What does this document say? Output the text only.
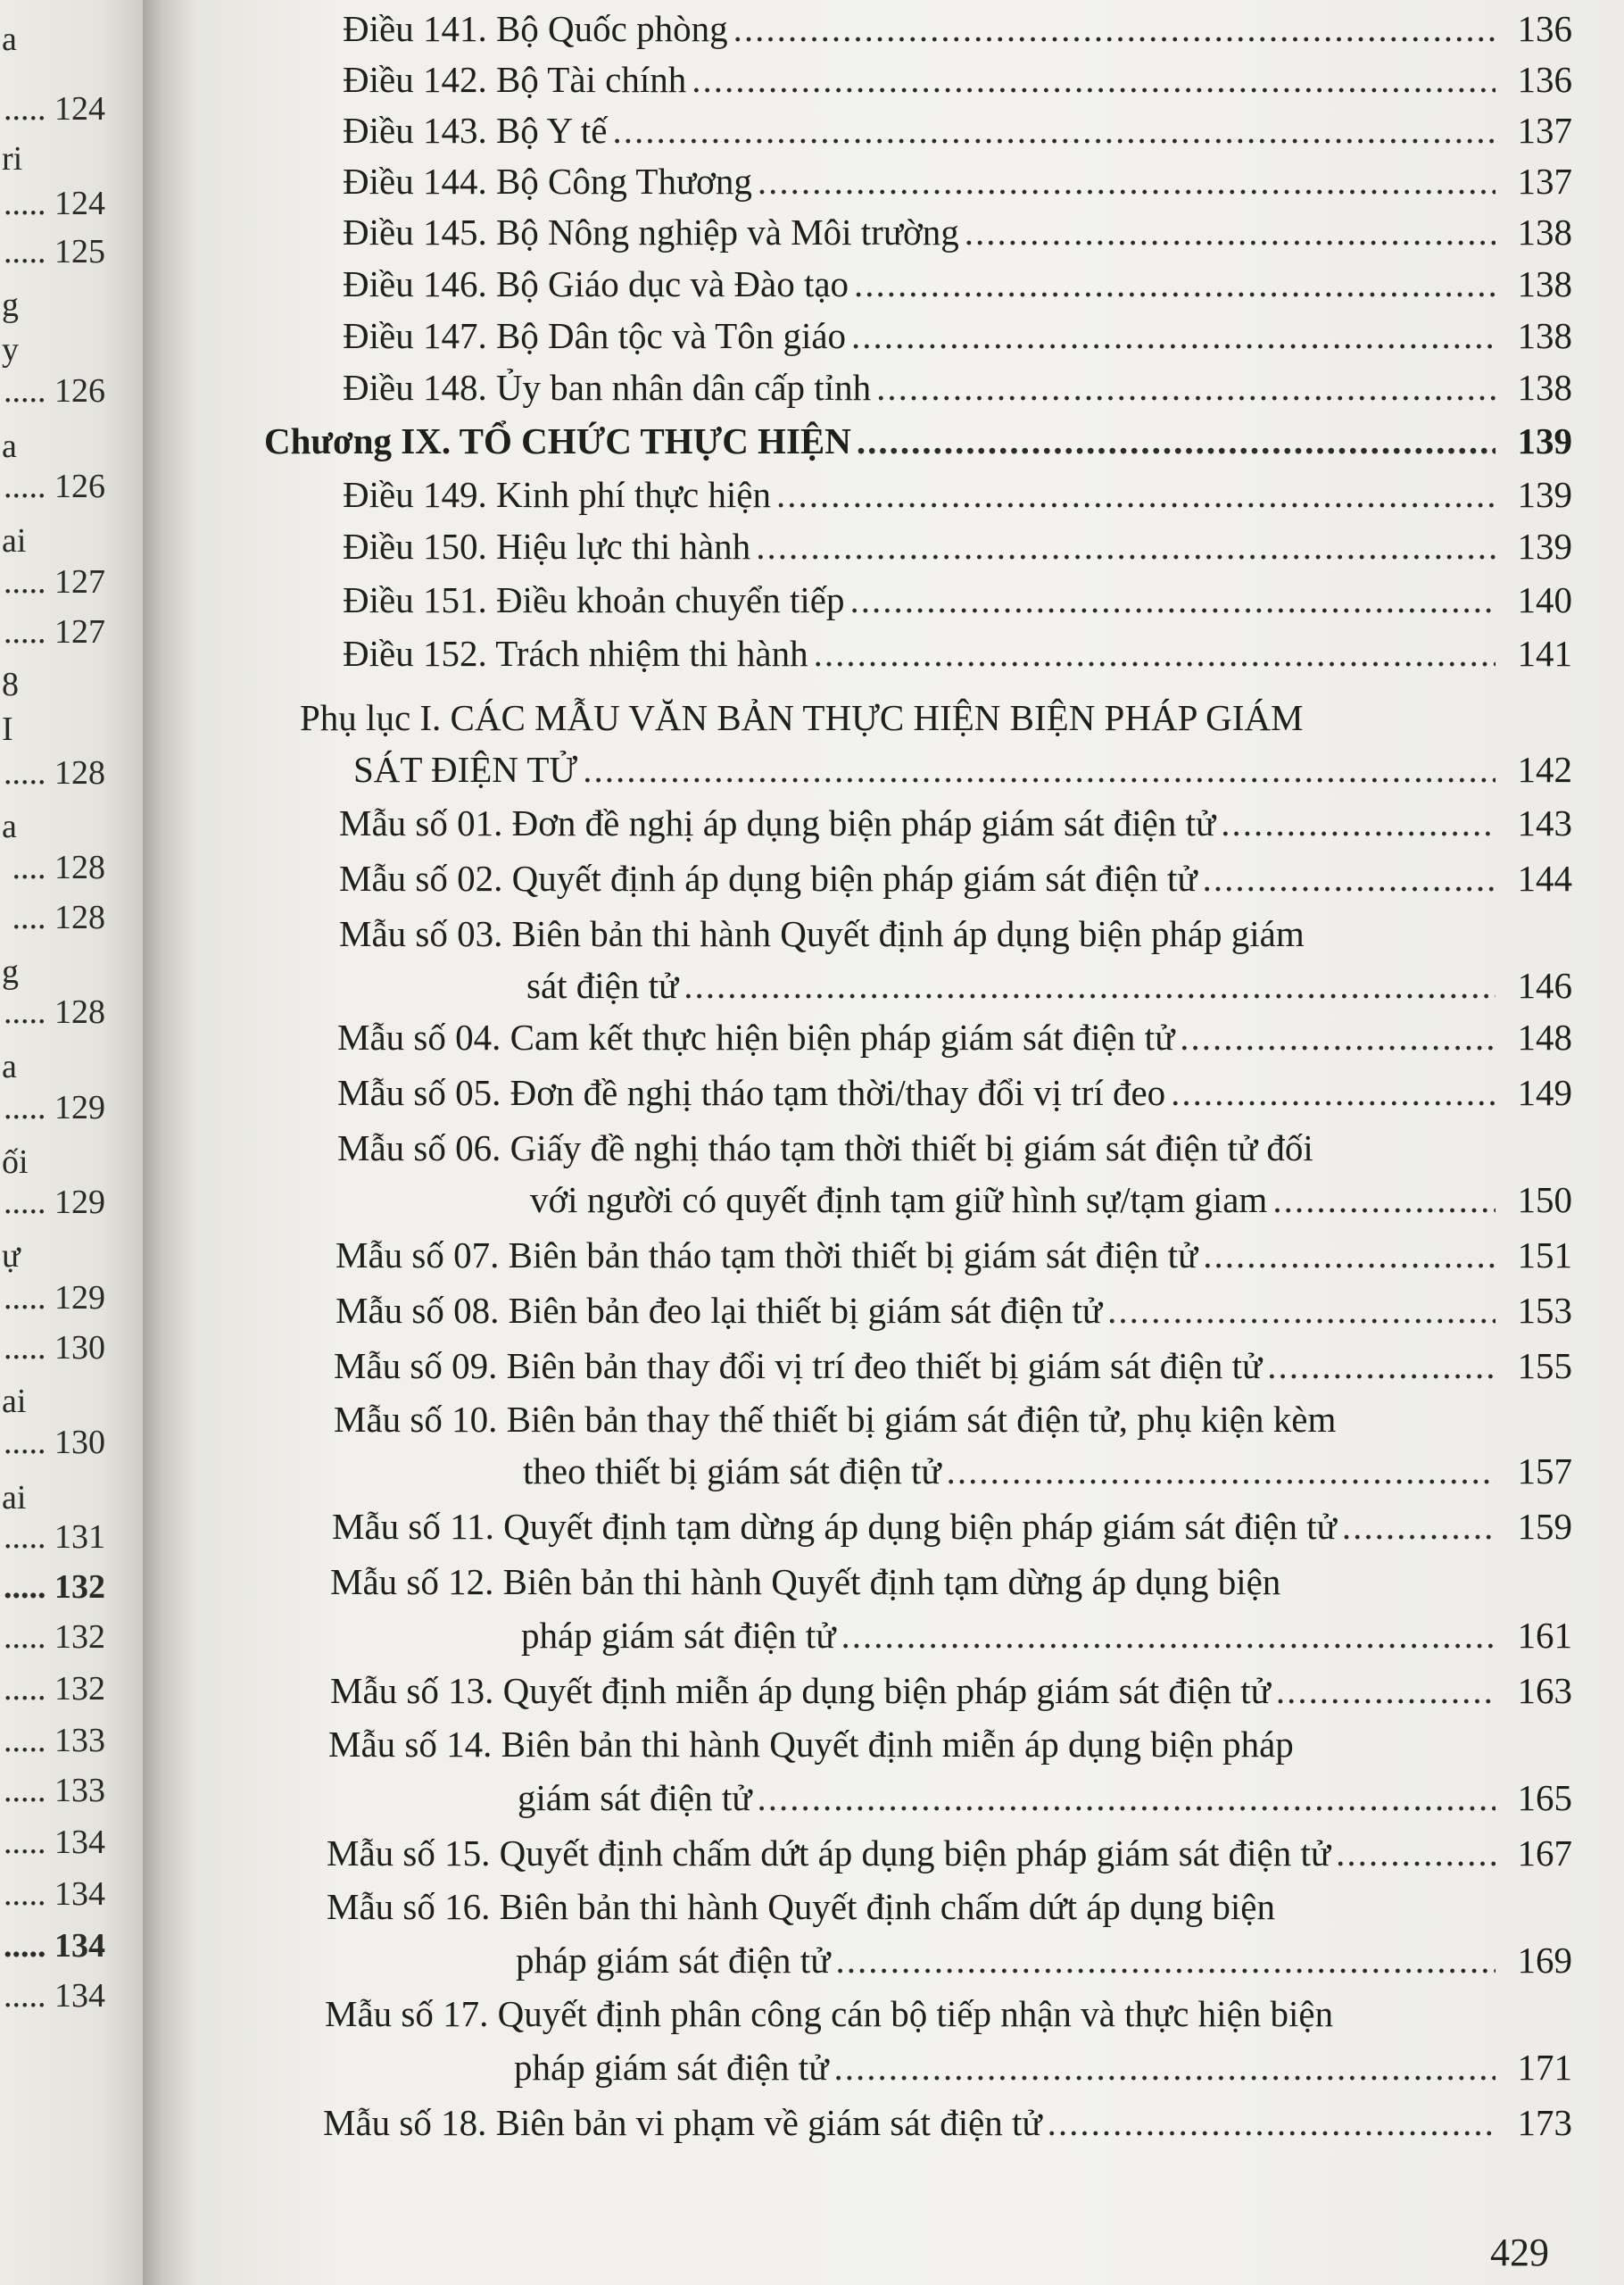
a
..... 124
ri
..... 124
..... 125
g
y
..... 126
a
..... 126
ai
..... 127
..... 127
8
I
..... 128
a
.... 128
.... 128
g
..... 128
a
..... 129
ối
..... 129
ự
..... 129
..... 130
ai
..... 130
ai
..... 131
..... 132
..... 132
..... 132
..... 133
..... 133
..... 134
..... 134
..... 134
..... 134
Điều 141. Bộ Quốc phòng .....	136
Điều 142. Bộ Tài chính .....	136
Điều 143. Bộ Y tế .....	137
Điều 144. Bộ Công Thương .....	137
Điều 145. Bộ Nông nghiệp và Môi trường .....	138
Điều 146. Bộ Giáo dục và Đào tạo .....	138
Điều 147. Bộ Dân tộc và Tôn giáo .....	138
Điều 148. Ủy ban nhân dân cấp tỉnh .....	138
Chương IX. TỔ CHỨC THỰC HIỆN .....	139
Điều 149. Kinh phí thực hiện .....	139
Điều 150. Hiệu lực thi hành .....	139
Điều 151. Điều khoản chuyển tiếp .....	140
Điều 152. Trách nhiệm thi hành .....	141
Phụ lục I. CÁC MẪU VĂN BẢN THỰC HIỆN BIỆN PHÁP GIÁM
SÁT ĐIỆN TỬ .....	142
Mẫu số 01. Đơn đề nghị áp dụng biện pháp giám sát điện tử .....	143
Mẫu số 02. Quyết định áp dụng biện pháp giám sát điện tử .....	144
Mẫu số 03. Biên bản thi hành Quyết định áp dụng biện pháp giám
sát điện tử .....	146
Mẫu số 04. Cam kết thực hiện biện pháp giám sát điện tử .....	148
Mẫu số 05. Đơn đề nghị tháo tạm thời/thay đổi vị trí đeo .....	149
Mẫu số 06. Giấy đề nghị tháo tạm thời thiết bị giám sát điện tử đối
với người có quyết định tạm giữ hình sự/tạm giam .....	150
Mẫu số 07. Biên bản tháo tạm thời thiết bị giám sát điện tử .....	151
Mẫu số 08. Biên bản đeo lại thiết bị giám sát điện tử .....	153
Mẫu số 09. Biên bản thay đổi vị trí đeo thiết bị giám sát điện tử .....	155
Mẫu số 10. Biên bản thay thế thiết bị giám sát điện tử, phụ kiện kèm
theo thiết bị giám sát điện tử .....	157
Mẫu số 11. Quyết định tạm dừng áp dụng biện pháp giám sát điện tử .....	159
Mẫu số 12. Biên bản thi hành Quyết định tạm dừng áp dụng biện
pháp giám sát điện tử .....	161
Mẫu số 13. Quyết định miễn áp dụng biện pháp giám sát điện tử .....	163
Mẫu số 14. Biên bản thi hành Quyết định miễn áp dụng biện pháp
giám sát điện tử .....	165
Mẫu số 15. Quyết định chấm dứt áp dụng biện pháp giám sát điện tử .....	167
Mẫu số 16. Biên bản thi hành Quyết định chấm dứt áp dụng biện
pháp giám sát điện tử .....	169
Mẫu số 17. Quyết định phân công cán bộ tiếp nhận và thực hiện biện
pháp giám sát điện tử .....	171
Mẫu số 18. Biên bản vi phạm về giám sát điện tử .....	173
429
